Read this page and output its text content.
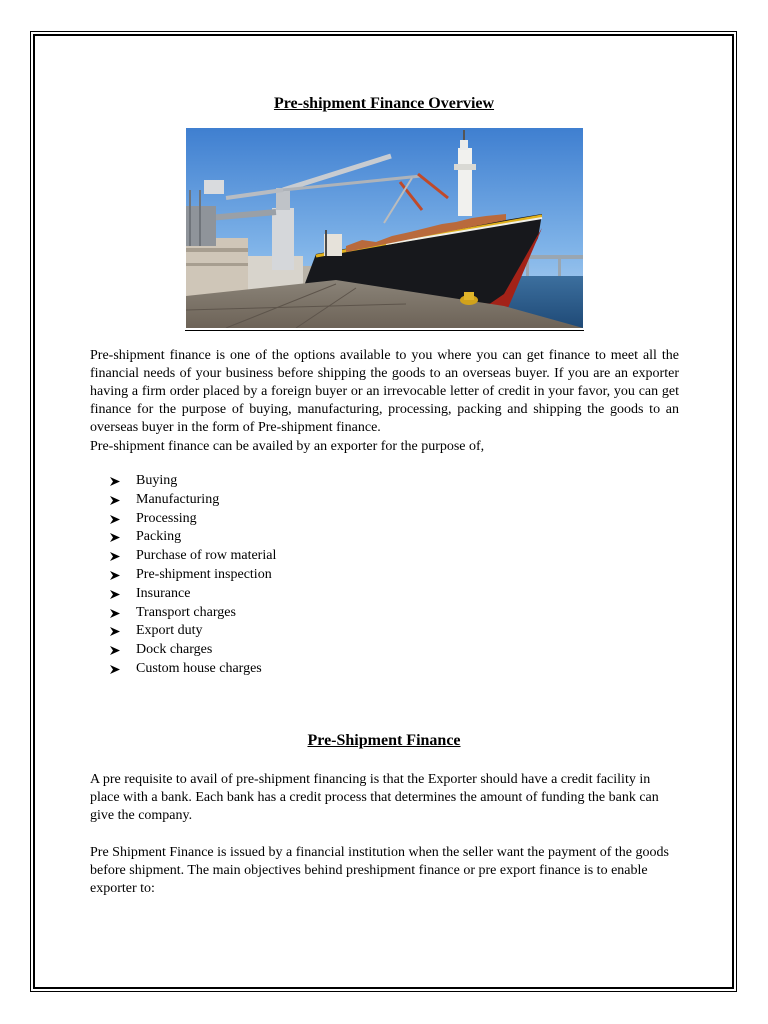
Pre-shipment Finance Overview
Pre-shipment finance is one of the options available to you where you can get finance to meet all the financial needs of your business before shipping the goods to an overseas buyer. If you are an exporter having a firm order placed by a foreign buyer or an irrevocable letter of credit in your favor, you can get finance for the purpose of buying, manufacturing, processing, packing and shipping the goods to an overseas buyer in the form of Pre-shipment finance.
Pre-shipment finance can be availed by an exporter for the purpose of,
Buying
Manufacturing
Processing
Packing
Purchase of row material
Pre-shipment inspection
Insurance
Transport charges
Export duty
Dock charges
Custom house charges
Pre-Shipment Finance
A pre requisite to avail of pre-shipment financing is that the Exporter should have a credit facility in place with a bank. Each bank has a credit process that determines the amount of funding the bank can give the company.
Pre Shipment Finance is issued by a financial institution when the seller want the payment of the goods before shipment. The main objectives behind preshipment finance or pre export finance is to enable exporter to:
